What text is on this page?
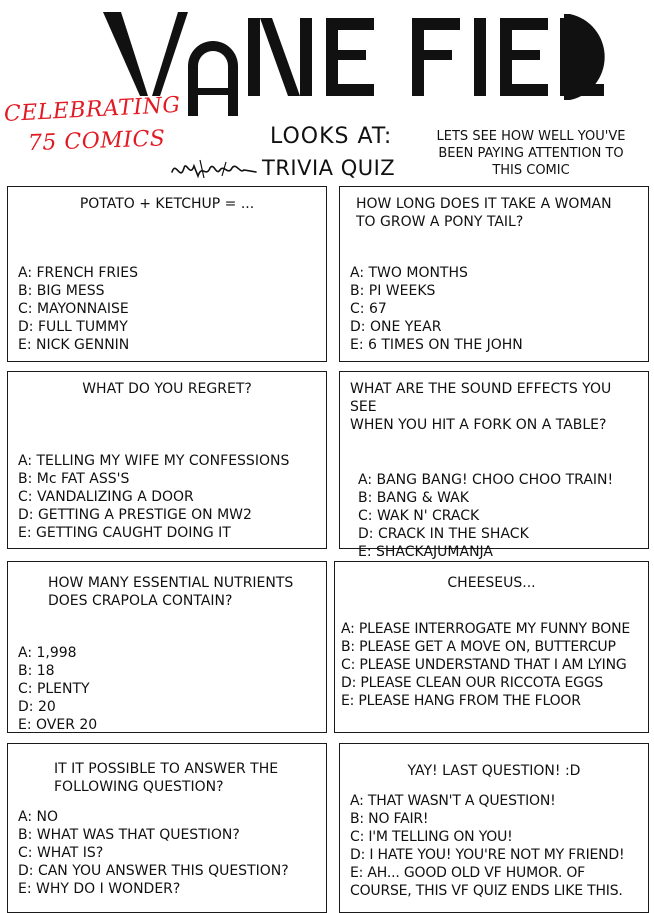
CELEBRATING
75 COMICS	LOOKS AT:
TRIVIA QUIZ
LETS SEE HOW WELL YOU'VE
BEEN PAYING ATTENTION TO
THIS COMIC
POTATO + KETCHUP = ...
A: FRENCH FRIES
B: BIG MESS
C: MAYONNAISE
D: FULL TUMMY
E: NICK GENNIN
HOW LONG DOES IT TAKE A WOMAN
TO GROW A PONY TAIL?
A: TWO MONTHS
B: PI WEEKS
C: 67
D: ONE YEAR
E: 6 TIMES ON THE JOHN
WHAT DO YOU REGRET?
A: TELLING MY WIFE MY CONFESSIONS
B: Mc FAT ASS'S
C: VANDALIZING A DOOR
D: GETTING A PRESTIGE ON MW2
E: GETTING CAUGHT DOING IT
WHAT ARE THE SOUND EFFECTS YOU SEE
WHEN YOU HIT A FORK ON A TABLE?
A: BANG BANG! CHOO CHOO TRAIN!
B: BANG & WAK
C: WAK N' CRACK
D: CRACK IN THE SHACK
E: SHACKAJUMANJA
HOW MANY ESSENTIAL NUTRIENTS
DOES CRAPOLA CONTAIN?
A: 1,998
B: 18
C: PLENTY
D: 20
E: OVER 20
CHEESEUS...
A: PLEASE INTERROGATE MY FUNNY BONE
B: PLEASE GET A MOVE ON, BUTTERCUP
C: PLEASE UNDERSTAND THAT I AM LYING
D: PLEASE CLEAN OUR RICCOTA EGGS
E: PLEASE HANG FROM THE FLOOR
IT IT POSSIBLE TO ANSWER THE
FOLLOWING QUESTION?
A: NO
B: WHAT WAS THAT QUESTION?
C: WHAT IS?
D: CAN YOU ANSWER THIS QUESTION?
E: WHY DO I WONDER?
YAY! LAST QUESTION! :D
A: THAT WASN'T A QUESTION!
B: NO FAIR!
C: I'M TELLING ON YOU!
D: I HATE YOU! YOU'RE NOT MY FRIEND!
E: AH... GOOD OLD VF HUMOR. OF
COURSE, THIS VF QUIZ ENDS LIKE THIS.
